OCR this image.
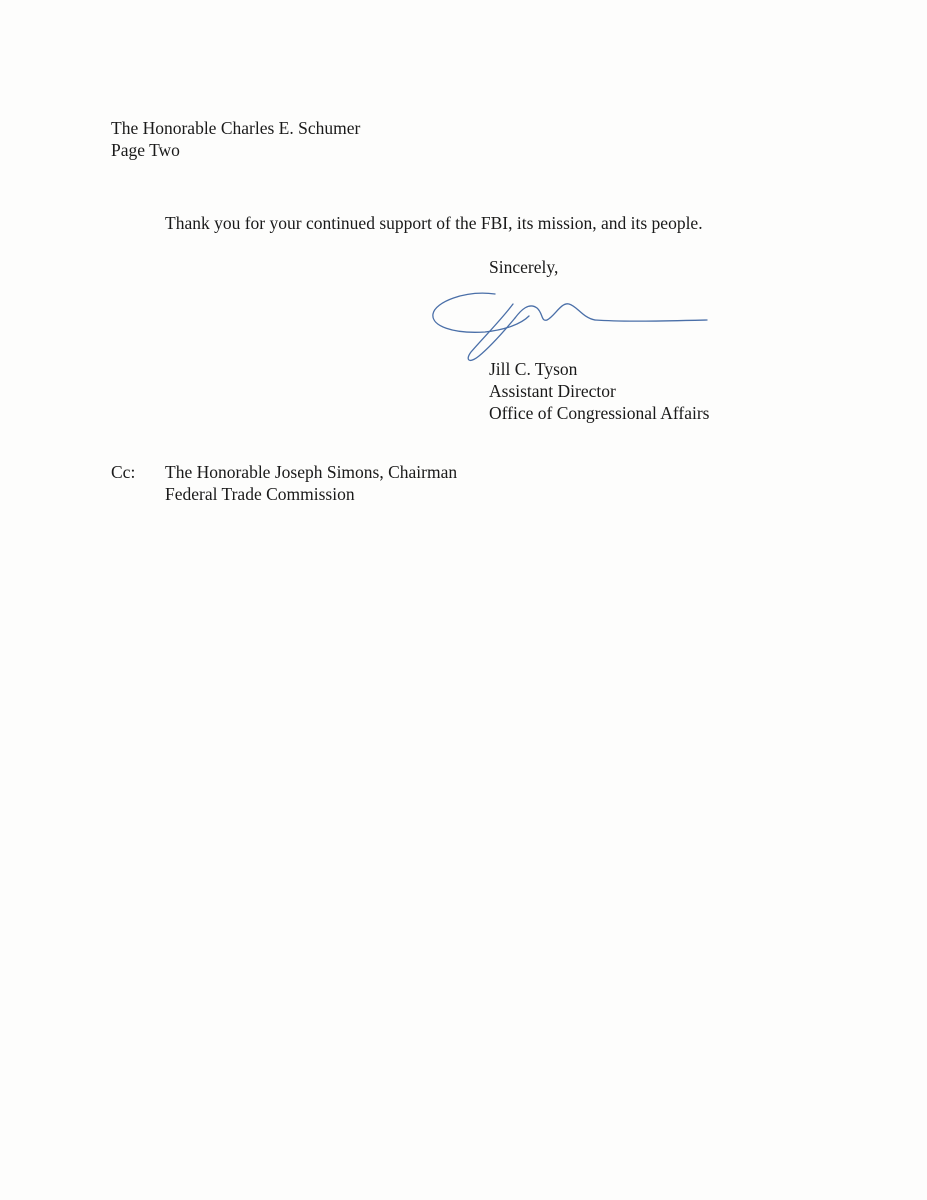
The Honorable Charles E. Schumer
Page Two
Thank you for your continued support of the FBI, its mission, and its people.
Sincerely,
Jill C. Tyson
Assistant Director
Office of Congressional Affairs
Cc: The Honorable Joseph Simons, Chairman
Federal Trade Commission
